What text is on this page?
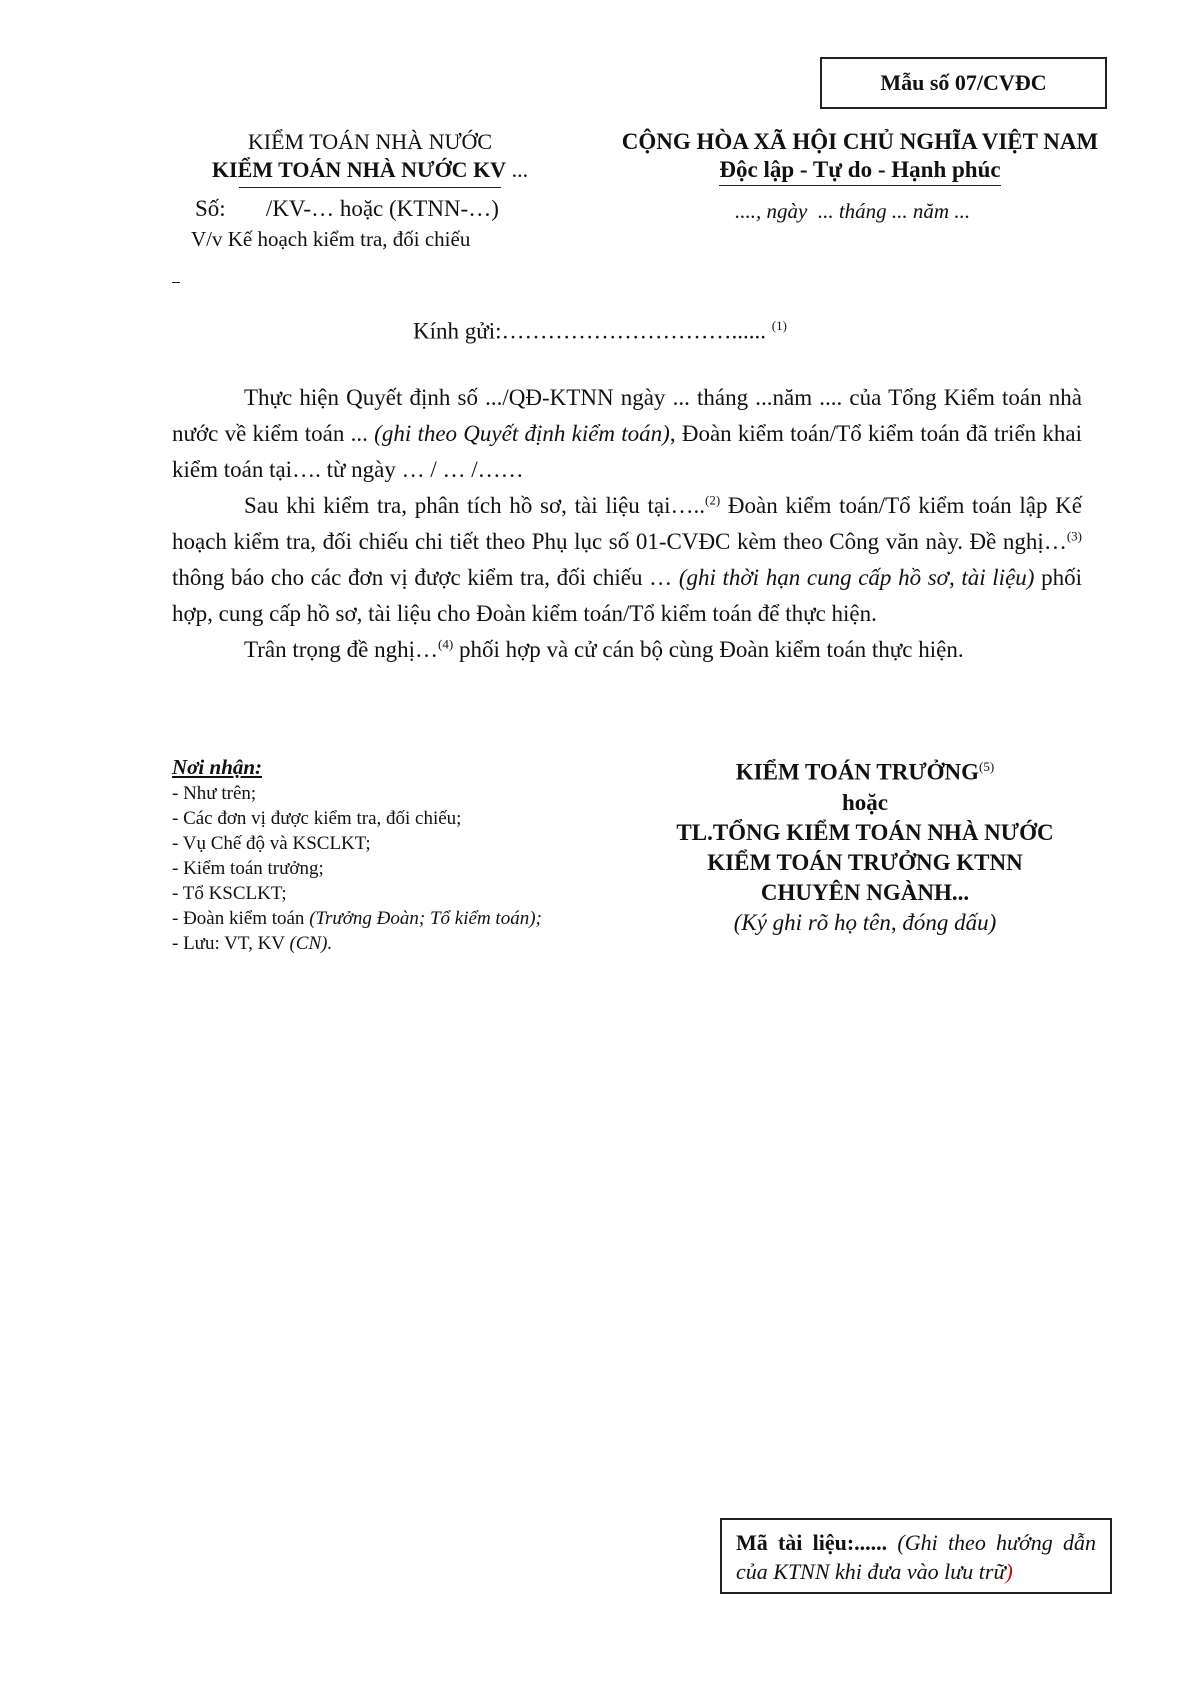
Mẫu số 07/CVĐC
KIỂM TOÁN NHÀ NƯỚC
KIỂM TOÁN NHÀ NƯỚC KV ...
CỘNG HÒA XÃ HỘI CHỦ NGHĨA VIỆT NAM
Độc lập - Tự do - Hạnh phúc
Số:       /KV-… hoặc (KTNN-…)
V/v Kế hoạch kiểm tra, đối chiếu
...., ngày  ... tháng ... năm ...
Kính gửi:…………………………...... $^{(1)}$

Thực hiện Quyết định số .../QĐ-KTNN ngày ... tháng ...năm .... của Tổng Kiểm toán nhà nước về kiểm toán ... (ghi theo Quyết định kiểm toán), Đoàn kiểm toán/Tổ kiểm toán đã triển khai kiểm toán tại…. từ ngày … / … /……

Sau khi kiểm tra, phân tích hồ sơ, tài liệu tại…..$^{(2)}$ Đoàn kiểm toán/Tổ kiểm toán lập Kế hoạch kiểm tra, đối chiếu chi tiết theo Phụ lục số 01-CVĐC kèm theo Công văn này. Đề nghị…$^{(3)}$ thông báo cho các đơn vị được kiểm tra, đối chiếu … (ghi thời hạn cung cấp hồ sơ, tài liệu) phối hợp, cung cấp hồ sơ, tài liệu cho Đoàn kiểm toán/Tổ kiểm toán để thực hiện.

Trân trọng đề nghị…$^{(4)}$ phối hợp và cử cán bộ cùng Đoàn kiểm toán thực hiện.

Nơi nhận:
- Như trên;
- Các đơn vị được kiểm tra, đối chiếu;
- Vụ Chế độ và KSCLKT;
- Kiểm toán trưởng;
- Tổ KSCLKT;
- Đoàn kiểm toán (Trưởng Đoàn; Tổ kiểm toán);
- Lưu: VT, KV (CN).
KIỂM TOÁN TRƯỞNG$^{(5)}$
hoặc
TL.TỔNG KIỂM TOÁN NHÀ NƯỚC
KIỂM TOÁN TRƯỞNG KTNN
CHUYÊN NGÀNH...
(Ký ghi rõ họ tên, đóng dấu)
Mã tài liệu:...... (Ghi theo hướng dẫn của KTNN khi đưa vào lưu trữ)
